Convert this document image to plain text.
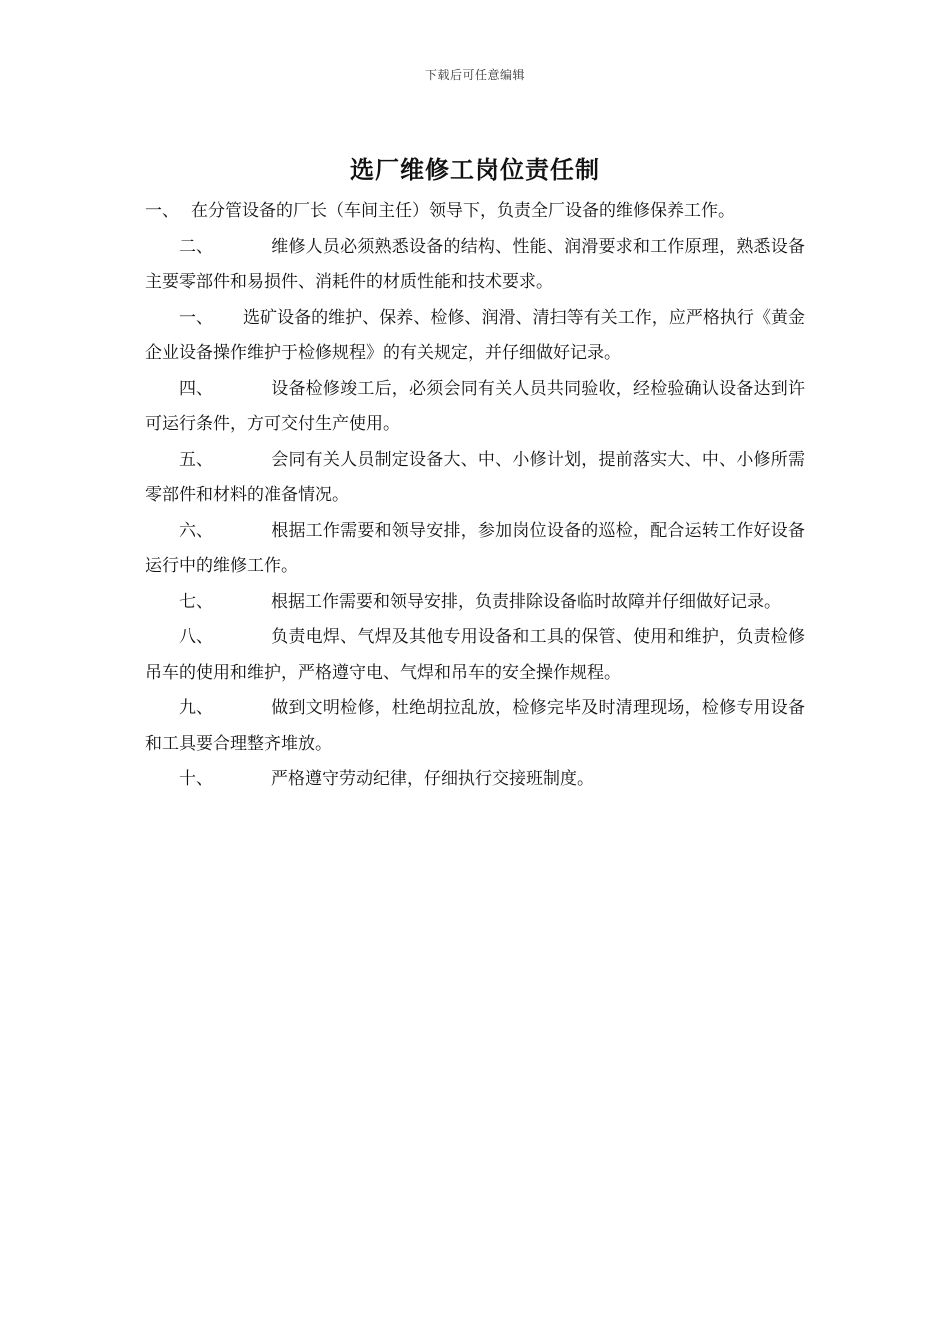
下载后可任意编辑
选厂维修工岗位责任制

一、 在分管设备的厂长（车间主任）领导下，负责全厂设备的维修保养工作。

二、	维修人员必须熟悉设备的结构、性能、润滑要求和工作原理，熟悉设备主要零部件和易损件、消耗件的材质性能和技术要求。

一、 选矿设备的维护、保养、检修、润滑、清扫等有关工作，应严格执行《黄金企业设备操作维护于检修规程》的有关规定，并仔细做好记录。

四、	设备检修竣工后，必须会同有关人员共同验收，经检验确认设备达到许可运行条件，方可交付生产使用。

五、	会同有关人员制定设备大、中、小修计划，提前落实大、中、小修所需零部件和材料的准备情况。

六、	根据工作需要和领导安排，参加岗位设备的巡检，配合运转工作好设备运行中的维修工作。

七、	根据工作需要和领导安排，负责排除设备临时故障并仔细做好记录。

八、	负责电焊、气焊及其他专用设备和工具的保管、使用和维护，负责检修吊车的使用和维护，严格遵守电、气焊和吊车的安全操作规程。

九、	做到文明检修，杜绝胡拉乱放，检修完毕及时清理现场，检修专用设备和工具要合理整齐堆放。

十、	严格遵守劳动纪律，仔细执行交接班制度。
